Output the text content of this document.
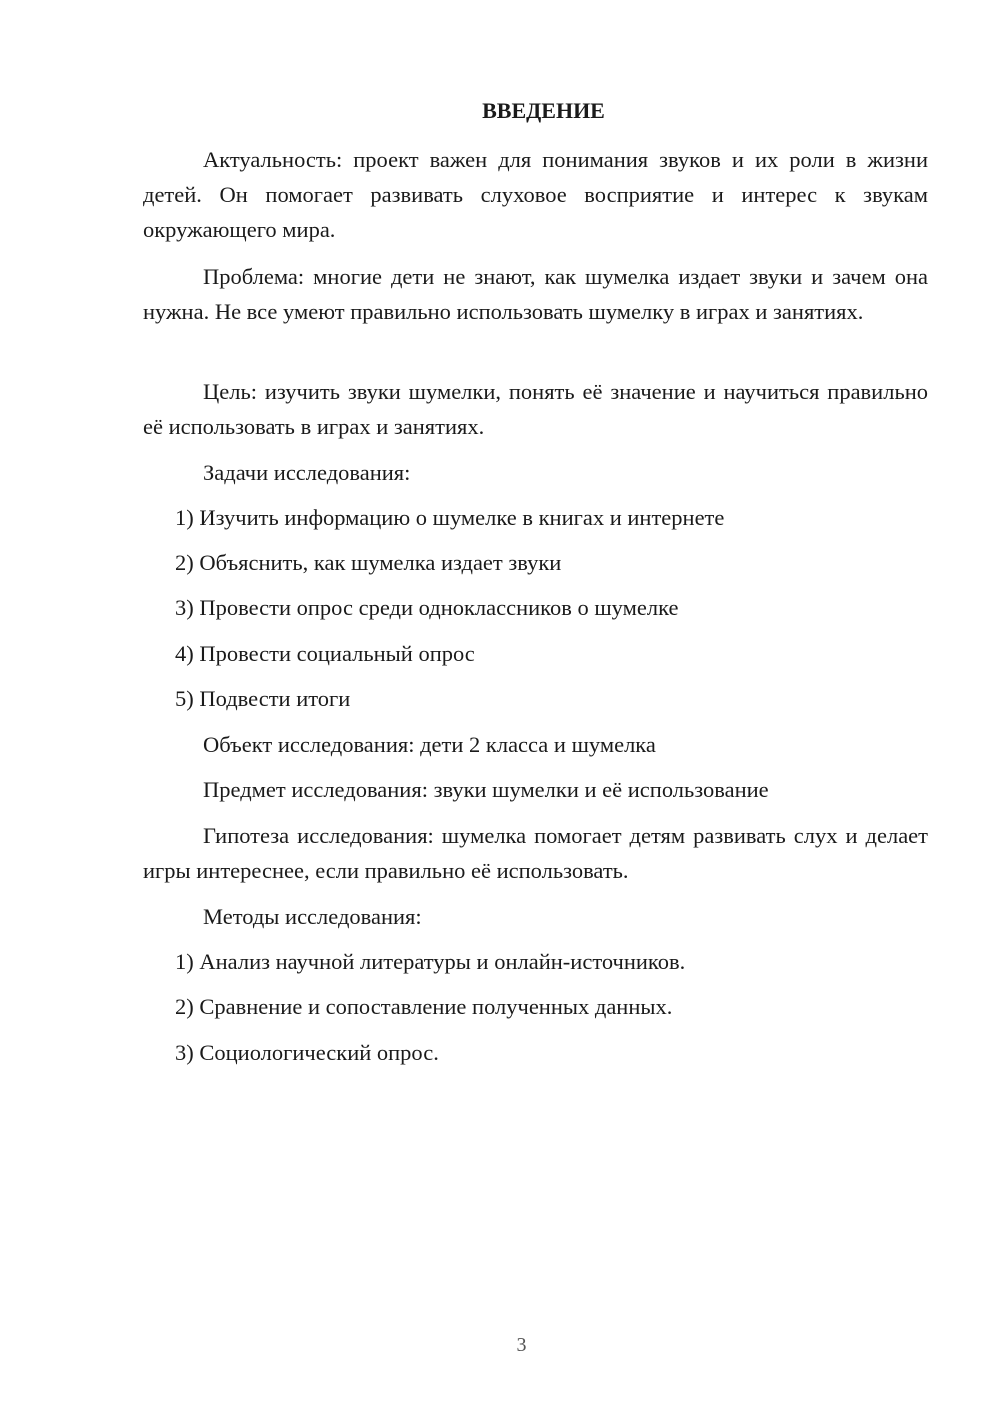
ВВЕДЕНИЕ

Актуальность: проект важен для понимания звуков и их роли в жизни детей. Он помогает развивать слуховое восприятие и интерес к звукам окружающего мира.

Проблема: многие дети не знают, как шумелка издает звуки и зачем она нужна. Не все умеют правильно использовать шумелку в играх и занятиях.

Цель: изучить звуки шумелки, понять её значение и научиться правильно её использовать в играх и занятиях.

Задачи исследования:

1) Изучить информацию о шумелке в книгах и интернете

2) Объяснить, как шумелка издает звуки

3) Провести опрос среди одноклассников о шумелке

4) Провести социальный опрос

5) Подвести итоги

Объект исследования: дети 2 класса и шумелка

Предмет исследования: звуки шумелки и её использование

Гипотеза исследования: шумелка помогает детям развивать слух и делает игры интереснее, если правильно её использовать.

Методы исследования:

1) Анализ научной литературы и онлайн-источников.

2) Сравнение и сопоставление полученных данных.

3) Социологический опрос.

3
